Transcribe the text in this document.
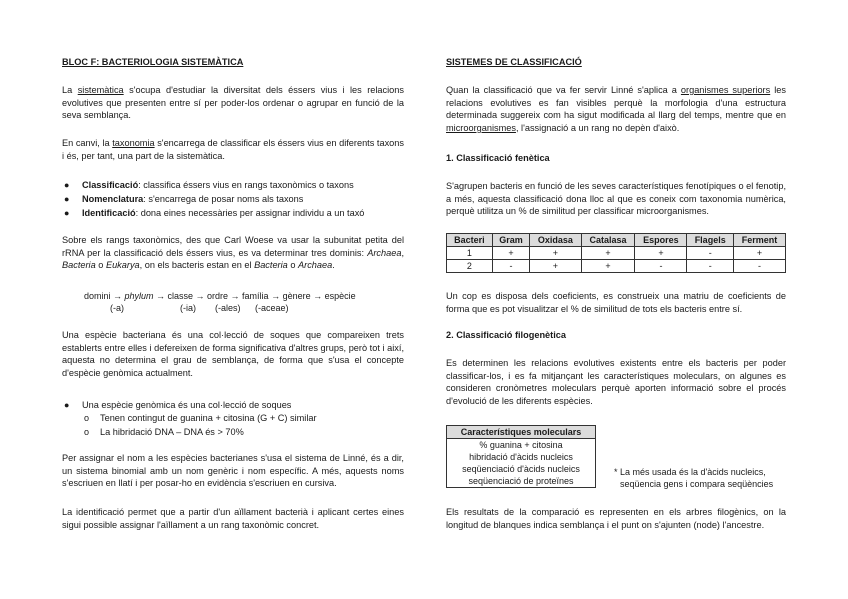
BLOC F: BACTERIOLOGIA SISTEMÀTICA

La sistemàtica s'ocupa d'estudiar la diversitat dels éssers vius i les relacions evolutives que presenten entre sí per poder-los ordenar o agrupar en funció de la seva semblança.

En canvi, la taxonomia s'encarrega de classificar els éssers vius en diferents taxons i és, per tant, una part de la sistemàtica.

● Classificació: classifica éssers vius en rangs taxonòmics o taxons
● Nomenclatura: s'encarrega de posar noms als taxons
● Identificació: dona eines necessàries per assignar individu a un taxó

Sobre els rangs taxonòmics, des que Carl Woese va usar la subunitat petita del rRNA per la classificació dels éssers vius, es va determinar tres dominis: Archaea, Bacteria o Eukarya, on els bacteris estan en el Bacteria o Archaea.

domini → phylum → classe → ordre → família → gènere → espècie
(-a)	(-ia) (-ales) (-aceae)

Una espècie bacteriana és una col·lecció de soques que compareixen trets establerts entre elles i defereixen de forma significativa d'altres grups, però tot i així, aquesta no determina el grau de semblança, de forma que s'usa el concepte d'espècie genòmica actualment.

● Una espècie genòmica és una col·lecció de soques
o Tenen contingut de guanina + citosina (G + C) similar
o La hibridació DNA – DNA és > 70%

Per assignar el nom a les espècies bacterianes s'usa el sistema de Linné, és a dir, un sistema binomial amb un nom genèric i nom específic. A més, aquests noms s'escriuen en llatí i per posar-ho en evidència s'escriuen en cursiva.

La identificació permet que a partir d'un aïllament bacterià i aplicant certes eines sigui possible assignar l'aïllament a un rang taxonòmic concret.

SISTEMES DE CLASSIFICACIÓ

Quan la classificació que va fer servir Linné s'aplica a organismes superiors les relacions evolutives es fan visibles perquè la morfologia d'una estructura determinada suggereix com ha sigut modificada al llarg del temps, mentre que en microorganismes, l'assignació a un rang no depèn d'això.

1. Classificació fenètica

S'agrupen bacteris en funció de les seves característiques fenotípiques o el fenotip, a més, aquesta classificació dona lloc al que es coneix com taxonomia numèrica, perquè utilitza un % de similitud per classificar microorganismes.

Bacteri	Gram	Oxidasa	Catalasa	Espores	Flagels	Ferment
1	+	+	+	+	-	+
2	-	+	+	-	-	-

Un cop es disposa dels coeficients, es construeix una matriu de coeficients de forma que es pot visualitzar el % de similitud de tots els bacteris entre sí.

2. Classificació filogenètica

Es determinen les relacions evolutives existents entre els bacteris per poder classificar-los, i es fa mitjançant les característiques moleculars, on algunes es consideren cronòmetres moleculars perquè aporten informació sobre el procés d'evolució de les diferents espècies.

Característiques moleculars
% guanina + citosina
hibridació d'àcids nucleics
seqüenciació d'àcids nucleics
seqüenciació de proteïnes
* La més usada és la d'àcids nucleics,
seqüencia gens i compara seqüències

Els resultats de la comparació es representen en els arbres filogènics, on la longitud de blanques indica semblança i el punt on s'ajunten (node) l'ancestre.
